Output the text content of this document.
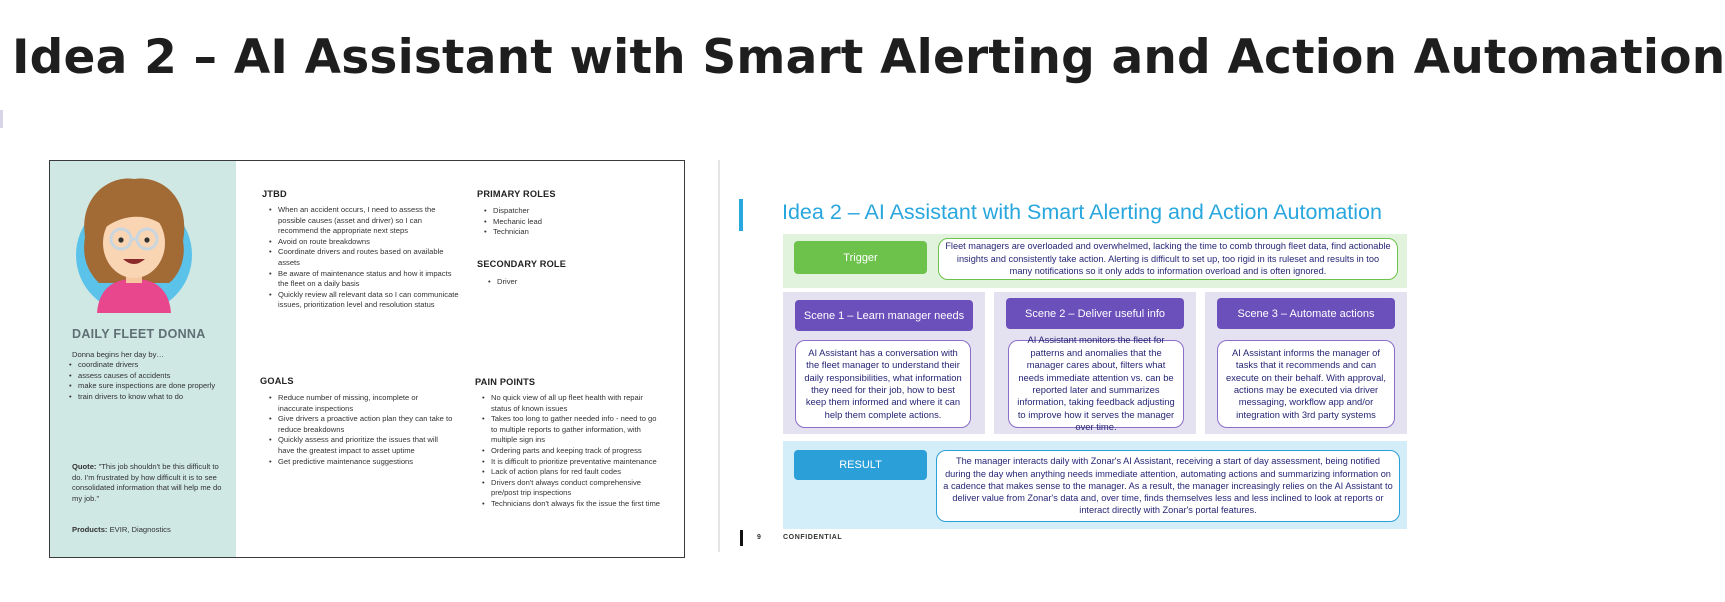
Idea 2 – AI Assistant with Smart Alerting and Action Automation
DAILY FLEET DONNA
Donna begins her day by…
• coordinate drivers
• assess causes of accidents
• make sure inspections are done properly
• train drivers to know what to do
Quote: "This job shouldn't be this difficult to do. I'm frustrated by how difficult it is to see consolidated information that will help me do my job."
Products: EVIR, Diagnostics
JTBD
• When an accident occurs, I need to assess the possible causes (asset and driver) so I can recommend the appropriate next steps
• Avoid on route breakdowns
• Coordinate drivers and routes based on available assets
• Be aware of maintenance status and how it impacts the fleet on a daily basis
• Quickly review all relevant data so I can communicate issues, prioritization level and resolution status
PRIMARY ROLES
• Dispatcher
• Mechanic lead
• Technician
SECONDARY ROLE
• Driver
GOALS
• Reduce number of missing, incomplete or inaccurate inspections
• Give drivers a proactive action plan they can take to reduce breakdowns
• Quickly assess and prioritize the issues that will have the greatest impact to asset uptime
• Get predictive maintenance suggestions
PAIN POINTS
• No quick view of all up fleet health with repair status of known issues
• Takes too long to gather needed info - need to go to multiple reports to gather information, with multiple sign ins
• Ordering parts and keeping track of progress
• It is difficult to prioritize preventative maintenance
• Lack of action plans for red fault codes
• Drivers don't always conduct comprehensive pre/post trip inspections
• Technicians don't always fix the issue the first time
Idea 2 – AI Assistant with Smart Alerting and Action Automation
Trigger
Fleet managers are overloaded and overwhelmed, lacking the time to comb through fleet data, find actionable insights and consistently take action. Alerting is difficult to set up, too rigid in its ruleset and results in too many notifications so it only adds to information overload and is often ignored.
Scene 1 – Learn manager needs
AI Assistant has a conversation with the fleet manager to understand their daily responsibilities, what information they need for their job, how to best keep them informed and where it can help them complete actions.
Scene 2 – Deliver useful info
AI Assistant monitors the fleet for patterns and anomalies that the manager cares about, filters what needs immediate attention vs. can be reported later and summarizes information, taking feedback adjusting to improve how it serves the manager over time.
Scene 3 – Automate actions
AI Assistant informs the manager of tasks that it recommends and can execute on their behalf. With approval, actions may be executed via driver messaging, workflow app and/or integration with 3rd party systems
RESULT	The manager interacts daily with Zonar's AI Assistant, receiving a start of day assessment, being notified during the day when anything needs immediate attention, automating actions and summarizing information on a cadence that makes sense to the manager. As a result, the manager increasingly relies on the AI Assistant to deliver value from Zonar's data and, over time, finds themselves less and less inclined to look at reports or interact directly with Zonar's portal features.
9	CONFIDENTIAL
